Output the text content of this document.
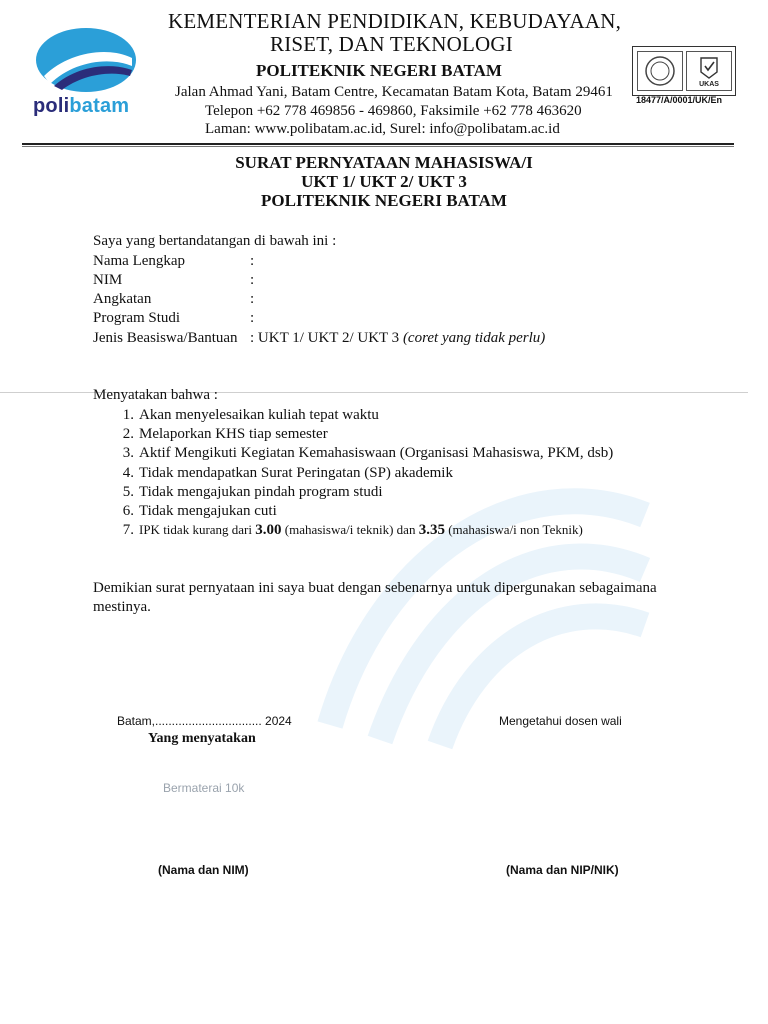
polibatam
KEMENTERIAN PENDIDIKAN, KEBUDAYAAN,
RISET, DAN TEKNOLOGI
POLITEKNIK NEGERI BATAM
Jalan Ahmad Yani, Batam Centre, Kecamatan Batam Kota, Batam 29461
Telepon +62 778 469856 - 469860, Faksimile +62 778 463620
Laman: www.polibatam.ac.id, Surel: info@polibatam.ac.id
UKAS
18477/A/0001/UK/En
SURAT PERNYATAAN MAHASISWA/I
UKT 1/ UKT 2/ UKT 3
POLITEKNIK NEGERI BATAM
Saya yang bertandatangan di bawah ini :
Nama Lengkap	:
NIM	:
Angkatan	:
Program Studi	:
Jenis Beasiswa/Bantuan : UKT 1/ UKT 2/ UKT 3 (coret yang tidak perlu)
Menyatakan bahwa :
1. Akan menyelesaikan kuliah tepat waktu
2. Melaporkan KHS tiap semester
3. Aktif Mengikuti Kegiatan Kemahasiswaan (Organisasi Mahasiswa, PKM, dsb)
4. Tidak mendapatkan Surat Peringatan (SP) akademik
5. Tidak mengajukan pindah program studi
6. Tidak mengajukan cuti
7. IPK tidak kurang dari 3.00 (mahasiswa/i teknik) dan 3.35 (mahasiswa/i non Teknik)
Demikian surat pernyataan ini saya buat dengan sebenarnya untuk dipergunakan sebagaimana
mestinya.
Batam,................................ 2024	Mengetahui dosen wali
Yang menyatakan
Bermaterai 10k
(Nama dan NIM)	(Nama dan NIP/NIK)
